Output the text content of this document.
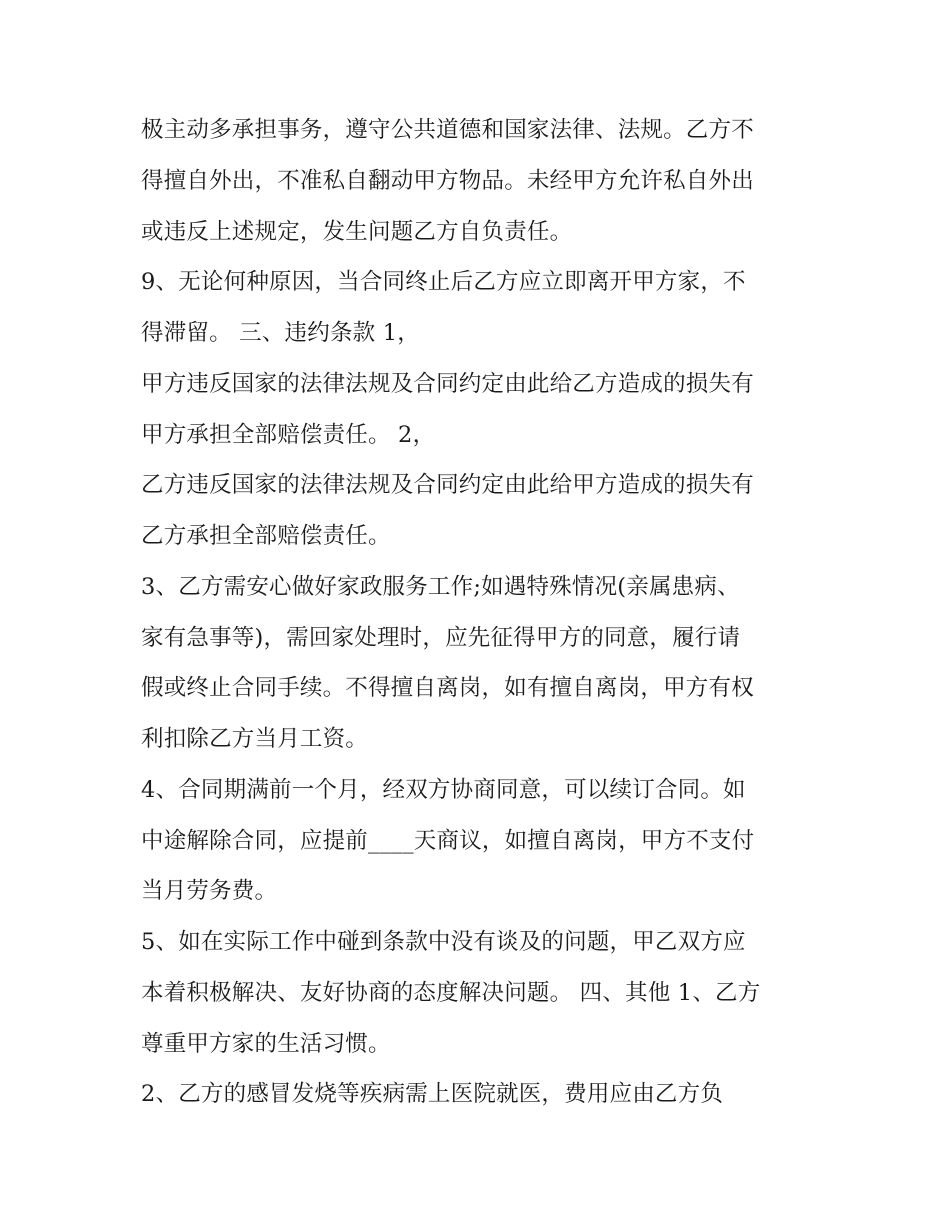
极主动多承担事务，遵守公共道德和国家法律、法规。乙方不
得擅自外出，不准私自翻动甲方物品。未经甲方允许私自外出
或违反上述规定，发生问题乙方自负责任。
9、无论何种原因，当合同终止后乙方应立即离开甲方家，不
得滞留。 三、违约条款 1，
甲方违反国家的法律法规及合同约定由此给乙方造成的损失有
甲方承担全部赔偿责任。 2，
乙方违反国家的法律法规及合同约定由此给甲方造成的损失有
乙方承担全部赔偿责任。
3、乙方需安心做好家政服务工作;如遇特殊情况(亲属患病、
家有急事等)，需回家处理时，应先征得甲方的同意，履行请
假或终止合同手续。不得擅自离岗，如有擅自离岗，甲方有权
利扣除乙方当月工资。
4、合同期满前一个月，经双方协商同意，可以续订合同。如
中途解除合同，应提前____天商议，如擅自离岗，甲方不支付
当月劳务费。
5、如在实际工作中碰到条款中没有谈及的问题，甲乙双方应
本着积极解决、友好协商的态度解决问题。 四、其他 1、乙方
尊重甲方家的生活习惯。
2、乙方的感冒发烧等疾病需上医院就医，费用应由乙方负
